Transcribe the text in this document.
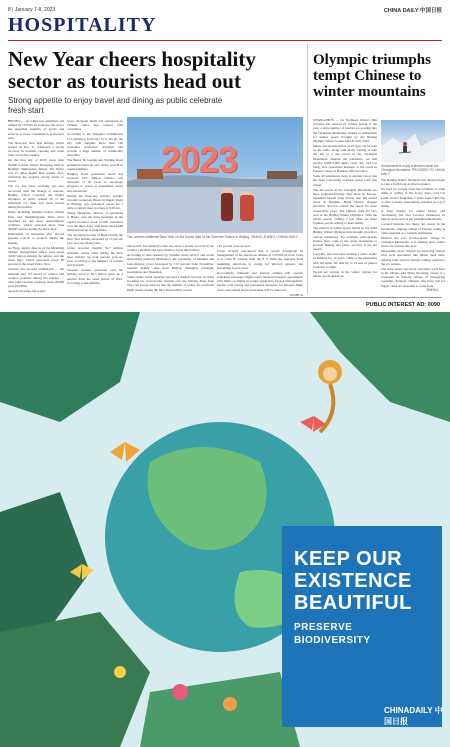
8 | January 7-8, 2023	CHINA DAILY 中国日报
HOSPITALITY
New Year cheers hospitality sector as tourists head out
Strong appetite to enjoy travel and dining as public celebrate fresh start

BEIJING — As China has optimized and refined its COVID-19 response, the sector has upgraded supplies of goods and services to boost consumption in the new year.

The three-day New Year holiday, which started on Dec 31, witnessed a strong recovery in tourism, catering and retail sales across the country.

On the first day of 2023, more than 50,000 tourists visited Shougang Park in Beijing's Shijingshan district. The figure was 15 times higher than normal days, reflecting the people's strong desire to travel.

The ice and snow economy has also recovered with the change of seasons. Beijing, which co-hosted the Winter Olympics in 2022, opened all of the municipal ice rinks and snow resorts during the holiday.

Parks, including Summer Palace, Beihai Park and Yuanmingyuan Park, have launched ice and snow entertainment activities, which attracted more than 30,000 tourists during the three days.

Exhibitions in museums also proved popular crowds to projects during the holiday.

Ge Feng, deputy director of the Mianding Temple management office, said about 3,000 visitors entered the temple over the three days, which represents about 90 percent of the usual visitor flow.

Tourists also showed enthusiasm — the museum said 127 pieces of cultural and creative products during the holiday — with sales revenue reaching about 40,000 yuan ($5,800).

Apart from parks and scenic

spots, shopping malls and restaurants in Chinese cities also buzzed with consumers.

According to the Shanghai Commission of Commerce, from Dec 31 to Jan 2b, the city with supplies more than 100 consumer promotion activities and provide a large number of commodity discounts.

The Bund, Yu Garden and Nanjing Road pedestrian street all saw strong growth in tourist numbers.

Nanjing Road pedestrian street has received 3.05 million visitors, and discounts of 50 yuan, to encourage shoppers to spend at department stores and restaurants.

During the three-day holiday, popular rice-fish restaurant Huala in Jingde Street in Beijing, saw customers queue for a table to satisfy their cravings at 9:30 am.

Zhang Shengxiao, director of operations at Huala, said the three branches in the capital received about 11,000 customers over the three days, with more than 4,000 tables turned up at peak times.

The operating income of Huala during the New Year holiday increased by 15 percent year-on-year, Zhang said.

China recorded roughly 52.7 million domestic tourist visits during the New Year holiday, up 0.44 percent year-on-year, according to the Ministry of Culture and Tourism.

Tourism revenue generated over the holiday stood at 26.5 billion yuan, up 4 percent from the same period of 2021, according to the ministry.

2023
Two women celebrate New Year on the frozen lake of the Summer Palace in Beijing. ZHANG ZHENG / CHINA DAILY

this period. The ministry's data also show a steady recovery in the country's medium and long-distance travel this holiday.

According to data released by Chinese travel service and social networking platform Mafengwo, the popularity of medium and long-distance travel increased by 172 percent from November. Tourists mainly came from Beijing, Shanghai, Chengdu, Guangzhou and Shenzhen.

Some online travel agencies reported a marked increase in ticket bookings for cross-border tourism over the holiday. Data from Trip.com Group showed that the number of orders for outbound flight tickets during the New Year holiday soared

145 percent year-on-year.

China recently announced that it would downgrade its management of the infectious disease of COVID-19 from Class A to Class B, starting from Jan 8. It shifts the response from stemming infections to caring for infected patients and preventing severe cases.

Accordingly, domestic and foreign airlines will operate scheduled passenger flights under bilateral transport agreements, with limits on flights no longer applicable. Closed management, nucleic acid testing and quarantine measures for inbound flight crews and related airport personnel will be removed.

XINHUA

Olympic triumphs tempt Chinese to winter mountains

CHANGCHUN — As Northeast China's Jilin province has entered its coldest period of the year, a large number of tourists are pouring into the Changbai Mountains, thanks to enthusiasm for winter sports brought by the Beijing Olympic Winter Games held in early 2022.

Skiers and snowboarders of all ages can be seen on the trails, along with many waiting to take the lift at a ski resort in the Changbai Mountains. Despite the pandemic, we still receive 2,000-4,000 skiers every day, said Cai Peng, vice operations manager at the resort in Fusong county of Baishan, Jilin province.

Some 20 kilometers away is another resort that has been welcoming overseas group tours this winter.

The ski resorts in the Changbai Mountains are more beginner-friendly than those in Europe, explained Orwell Tang Siwan, who has settled down in Baishan. Hand China's Jiangsu province, and has visited the resort for three consecutive years. The Chinese team did very well at the Beijing Winter Olympics. With the winter season coming, I feel there are more Chinese people willing to learn skiing.

The interest in winter sports fueled by the 2022 Beijing Winter Olympics has brought growth to various businesses. For example, photography studios have come to the resort mountains to provide filming and photo services at the ski resorts.

Long-Bo, who has been running a photo studio in Baishan for 10 years, came to the mountains with his team. We take up to 15 sets of photos from day to night.

People are staying in the winter regions for winter sports and more.

Snowboarders enjoy a descent down the Changbai Mountains. PROVIDED TO CHINA DAILY

The Beijing Winter Olympics has allowed them to take a fresh look at what is around.

It's hard for people from the northeast to even think of selling in the frosty days, said Cai Linlin from Changchun. I didn't expect this trip to offer so many entertaining activities on top of skiing.

A large market for winter leisure and vacationing has also boosted businesses in remote areas such as the Changbai Mountains.

Located between two major ski resorts in the mountains, Jinjiang village of Fusong county is often regarded as a tourism destination.

Dubbed the last powder-house village in Changbai Mountains, it is offering more winter sports for tourists this year.

Meanwhile, more villages are attracting visitors with local specialties like mixed meat stew, ginseng tonic and hot springs, adding warmth to the icy winters.

The more skiers, the more customers we'll have in the village, said Meng Xiaofang, owner of a restaurant in Fusong village of Dongqiang township. Younger villagers that have left for bigger cities are choosing to come back.

XINHUA
PUBLIC INTEREST AD: 0090
KEEP OUR
EXISTENCE
BEAUTIFUL
PRESERVE
BIODIVERSITY
CHINADAILY 中国日报
